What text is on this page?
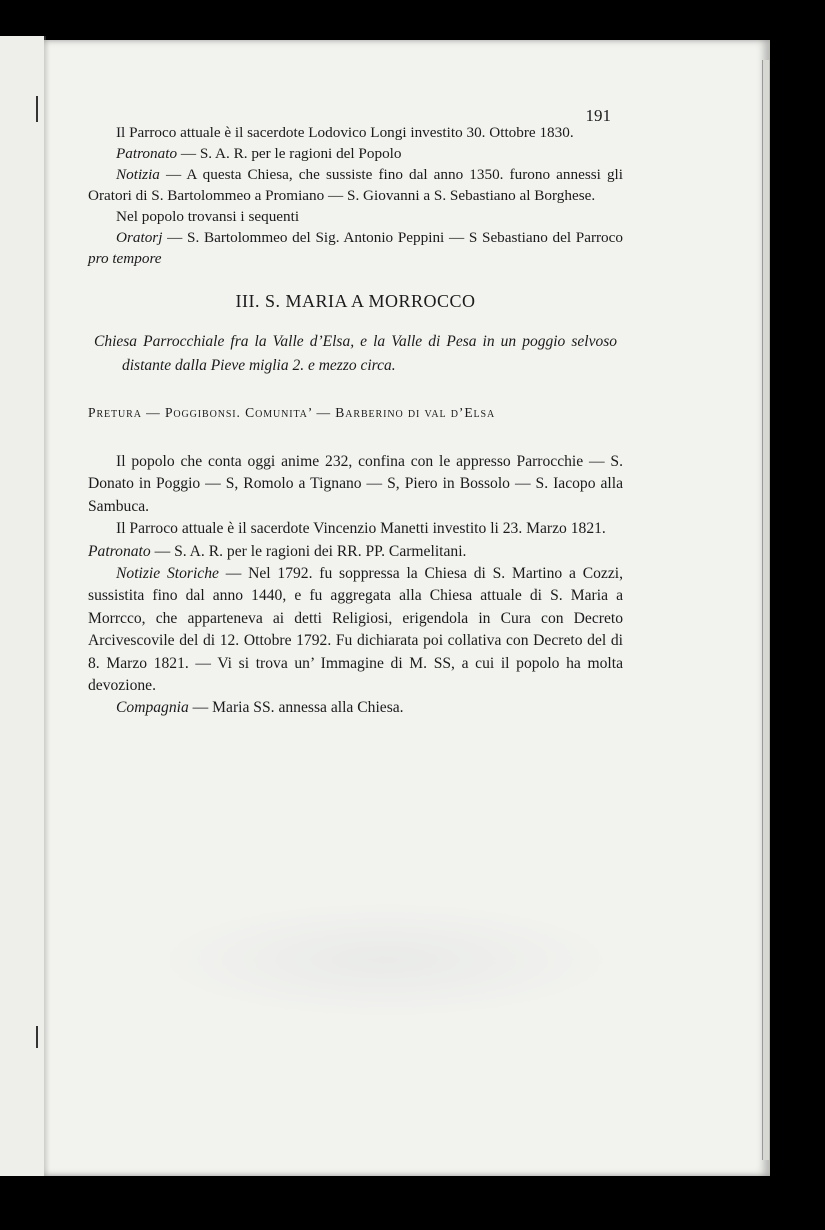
191

Il Parroco attuale è il sacerdote Lodovico Longi investito 30. Ottobre 1830.

Patronato — S. A. R. per le ragioni del Popolo

Notizia — A questa Chiesa, che sussiste fino dal anno 1350. furono annessi gli Oratori di S. Bartolommeo a Promiano — S. Giovanni a S. Sebastiano al Borghese.

Nel popolo trovansi i sequenti

Oratorj — S. Bartolommeo del Sig. Antonio Peppini — S Sebastiano del Parroco pro tempore

III. S. MARIA A MORROCCO
Chiesa Parrocchiale fra la Valle d’Elsa, e la Valle di Pesa in un poggio selvoso distante dalla Pieve miglia 2. e mezzo circa.
Pretura — Poggibonsi. Comunita’ — Barberino di val d’Elsa

Il popolo che conta oggi anime 232, confina con le appresso Parrocchie — S. Donato in Poggio — S, Romolo a Tignano — S, Piero in Bossolo — S. Iacopo alla Sambuca.

Il Parroco attuale è il sacerdote Vincenzio Manetti investito li 23. Marzo 1821.

Patronato — S. A. R. per le ragioni dei RR. PP. Carmelitani.

Notizie Storiche — Nel 1792. fu soppressa la Chiesa di S. Martino a Cozzi, sussistita fino dal anno 1440, e fu aggregata alla Chiesa attuale di S. Maria a Morrcco, che apparteneva ai detti Religiosi, erigendola in Cura con Decreto Arcivescovile del di 12. Ottobre 1792. Fu dichiarata poi collativa con Decreto del di 8. Marzo 1821. — Vi si trova un’ Immagine di M. SS, a cui il popolo ha molta devozione.

Compagnia — Maria SS. annessa alla Chiesa.
